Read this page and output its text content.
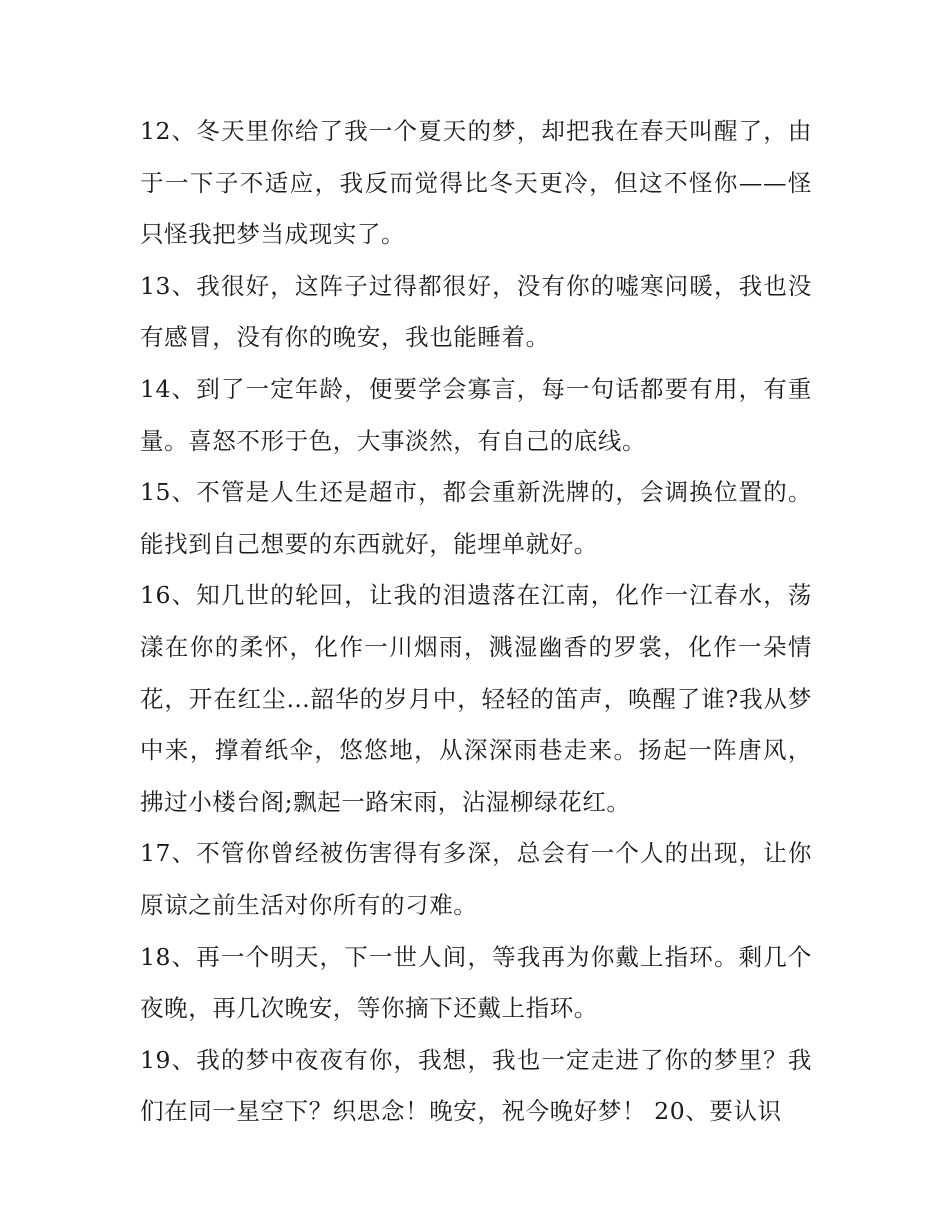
12、冬天里你给了我一个夏天的梦，却把我在春天叫醒了，由于一下子不适应，我反而觉得比冬天更冷，但这不怪你——怪只怪我把梦当成现实了。

13、我很好，这阵子过得都很好，没有你的嘘寒问暖，我也没有感冒，没有你的晚安，我也能睡着。

14、到了一定年龄，便要学会寡言，每一句话都要有用，有重量。喜怒不形于色，大事淡然，有自己的底线。

15、不管是人生还是超市，都会重新洗牌的，会调换位置的。能找到自己想要的东西就好，能埋单就好。

16、知几世的轮回，让我的泪遗落在江南，化作一江春水，荡漾在你的柔怀，化作一川烟雨，溅湿幽香的罗裳，化作一朵情花，开在红尘…韶华的岁月中，轻轻的笛声，唤醒了谁?我从梦中来，撑着纸伞，悠悠地，从深深雨巷走来。扬起一阵唐风，拂过小楼台阁;飘起一路宋雨，沾湿柳绿花红。

17、不管你曾经被伤害得有多深，总会有一个人的出现，让你原谅之前生活对你所有的刁难。

18、再一个明天，下一世人间，等我再为你戴上指环。剩几个夜晚，再几次晚安，等你摘下还戴上指环。

19、我的梦中夜夜有你，我想，我也一定走进了你的梦里？我们在同一星空下？织思念！晚安，祝今晚好梦！ 20、要认识
